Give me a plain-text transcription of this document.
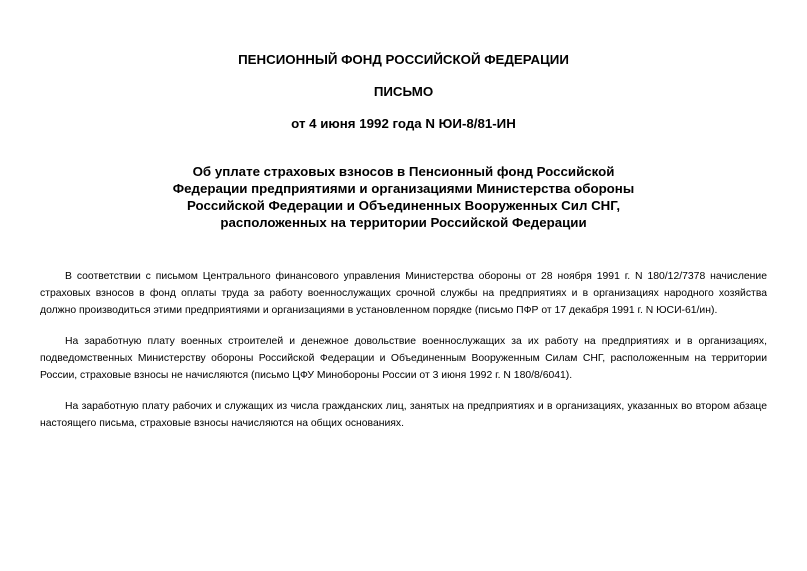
ПЕНСИОННЫЙ ФОНД РОССИЙСКОЙ ФЕДЕРАЦИИ
ПИСЬМО
от 4 июня 1992 года N ЮИ-8/81-ИН
Об уплате страховых взносов в Пенсионный фонд Российской Федерации предприятиями и организациями Министерства обороны Российской Федерации и Объединенных Вооруженных Сил СНГ, расположенных на территории Российской Федерации

В соответствии с письмом Центрального финансового управления Министерства обороны от 28 ноября 1991 г. N 180/12/7378 начисление страховых взносов в фонд оплаты труда за работу военнослужащих срочной службы на предприятиях и в организациях народного хозяйства должно производиться этими предприятиями и организациями в установленном порядке (письмо ПФР от 17 декабря 1991 г. N ЮСИ-61/ин).

На заработную плату военных строителей и денежное довольствие военнослужащих за их работу на предприятиях и в организациях, подведомственных Министерству обороны Российской Федерации и Объединенным Вооруженным Силам СНГ, расположенным на территории России, страховые взносы не начисляются (письмо ЦФУ Минобороны России от 3 июня 1992 г. N 180/8/6041).

На заработную плату рабочих и служащих из числа гражданских лиц, занятых на предприятиях и в организациях, указанных во втором абзаце настоящего письма, страховые взносы начисляются на общих основаниях.
